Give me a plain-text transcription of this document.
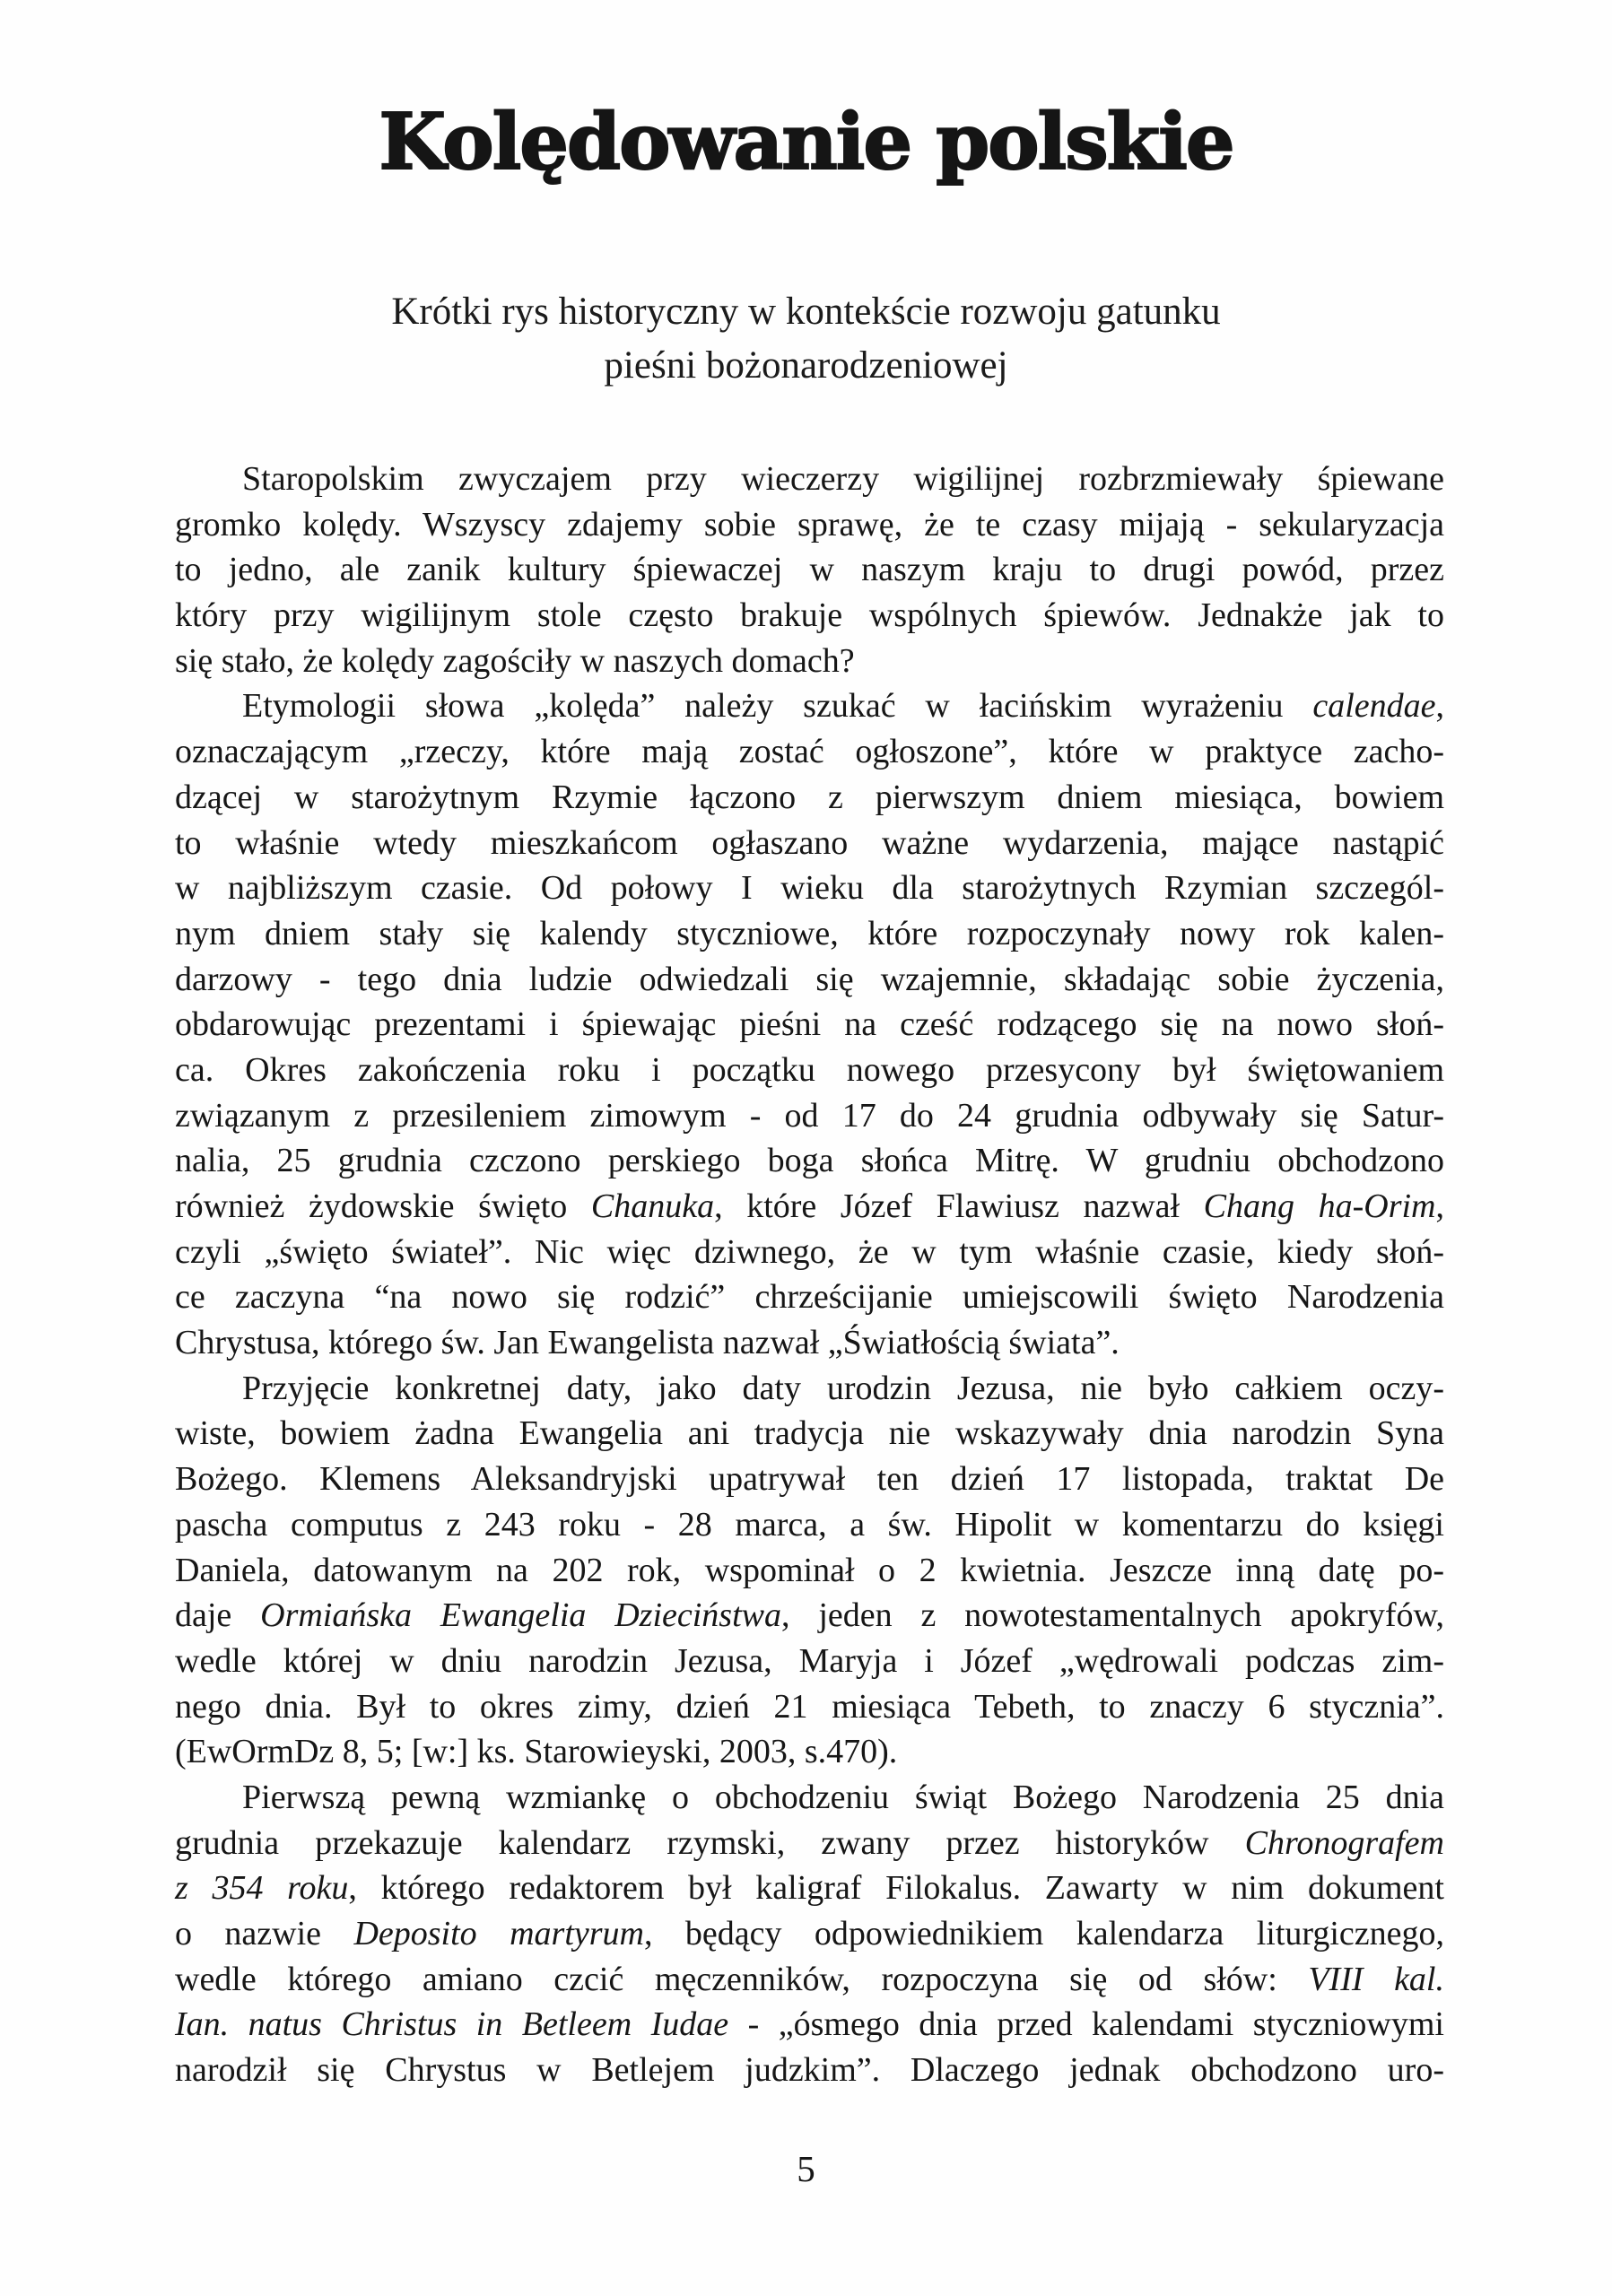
Kolędowanie polskie
Krótki rys historyczny w kontekście rozwoju gatunku
pieśni bożonarodzeniowej
Staropolskim zwyczajem przy wieczerzy wigilijnej rozbrzmiewały śpiewane
gromko kolędy. Wszyscy zdajemy sobie sprawę, że te czasy mijają - sekularyzacja
to jedno, ale zanik kultury śpiewaczej w naszym kraju to drugi powód, przez
który przy wigilijnym stole często brakuje wspólnych śpiewów. Jednakże jak to
się stało, że kolędy zagościły w naszych domach?
Etymologii słowa „kolęda” należy szukać w łacińskim wyrażeniu calendae,
oznaczającym „rzeczy, które mają zostać ogłoszone”, które w praktyce zacho-
dzącej w starożytnym Rzymie łączono z pierwszym dniem miesiąca, bowiem
to właśnie wtedy mieszkańcom ogłaszano ważne wydarzenia, mające nastąpić
w najbliższym czasie. Od połowy I wieku dla starożytnych Rzymian szczegól-
nym dniem stały się kalendy styczniowe, które rozpoczynały nowy rok kalen-
darzowy - tego dnia ludzie odwiedzali się wzajemnie, składając sobie życzenia,
obdarowując prezentami i śpiewając pieśni na cześć rodzącego się na nowo słoń-
ca. Okres zakończenia roku i początku nowego przesycony był świętowaniem
związanym z przesileniem zimowym - od 17 do 24 grudnia odbywały się Satur-
nalia, 25 grudnia czczono perskiego boga słońca Mitrę. W grudniu obchodzono
również żydowskie święto Chanuka, które Józef Flawiusz nazwał Chang ha-Orim,
czyli „święto świateł”. Nic więc dziwnego, że w tym właśnie czasie, kiedy słoń-
ce zaczyna “na nowo się rodzić” chrześcijanie umiejscowili święto Narodzenia
Chrystusa, którego św. Jan Ewangelista nazwał „Światłością świata”.
Przyjęcie konkretnej daty, jako daty urodzin Jezusa, nie było całkiem oczy-
wiste, bowiem żadna Ewangelia ani tradycja nie wskazywały dnia narodzin Syna
Bożego. Klemens Aleksandryjski upatrywał ten dzień 17 listopada, traktat De
pascha computus z 243 roku - 28 marca, a św. Hipolit w komentarzu do księgi
Daniela, datowanym na 202 rok, wspominał o 2 kwietnia. Jeszcze inną datę po-
daje Ormiańska Ewangelia Dzieciństwa, jeden z nowotestamentalnych apokryfów,
wedle której w dniu narodzin Jezusa, Maryja i Józef „wędrowali podczas zim-
nego dnia. Był to okres zimy, dzień 21 miesiąca Tebeth, to znaczy 6 stycznia”.
(EwOrmDz 8, 5; [w:] ks. Starowieyski, 2003, s.470).
Pierwszą pewną wzmiankę o obchodzeniu świąt Bożego Narodzenia 25 dnia
grudnia przekazuje kalendarz rzymski, zwany przez historyków Chronografem
z 354 roku, którego redaktorem był kaligraf Filokalus. Zawarty w nim dokument
o nazwie Deposito martyrum, będący odpowiednikiem kalendarza liturgicznego,
wedle którego amiano czcić męczenników, rozpoczyna się od słów: VIII kal.
Ian. natus Christus in Betleem Iudae - „ósmego dnia przed kalendami styczniowymi
narodził się Chrystus w Betlejem judzkim”. Dlaczego jednak obchodzono uro-
5
